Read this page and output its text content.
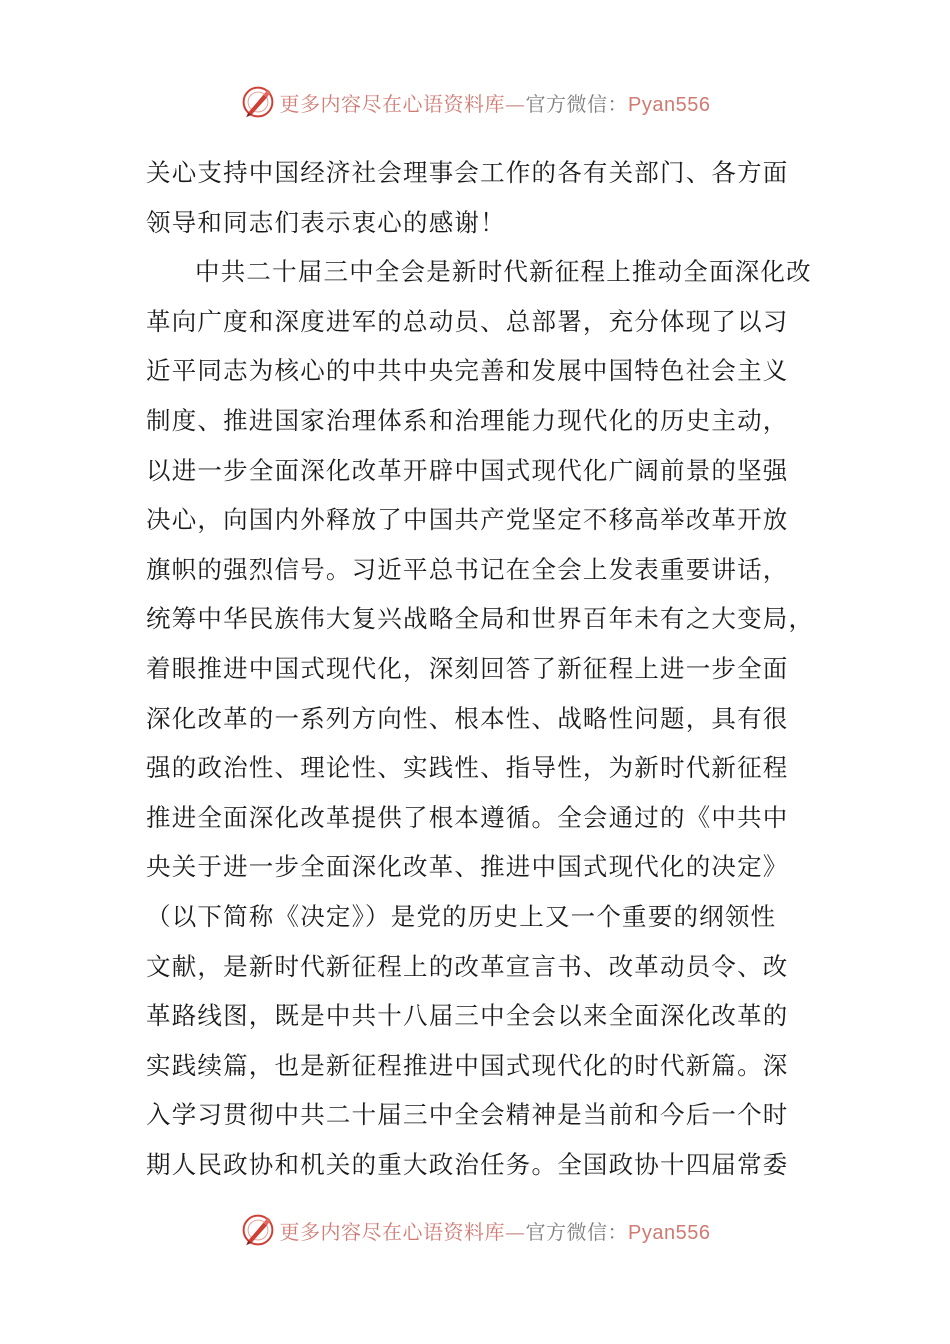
更多内容尽在心语资料库—官方微信：Pyan556
关心支持中国经济社会理事会工作的各有关部门、各方面
领导和同志们表示衷心的感谢！
中共二十届三中全会是新时代新征程上推动全面深化改
革向广度和深度进军的总动员、总部署，充分体现了以习
近平同志为核心的中共中央完善和发展中国特色社会主义
制度、推进国家治理体系和治理能力现代化的历史主动，
以进一步全面深化改革开辟中国式现代化广阔前景的坚强
决心，向国内外释放了中国共产党坚定不移高举改革开放
旗帜的强烈信号。习近平总书记在全会上发表重要讲话，
统筹中华民族伟大复兴战略全局和世界百年未有之大变局，
着眼推进中国式现代化，深刻回答了新征程上进一步全面
深化改革的一系列方向性、根本性、战略性问题，具有很
强的政治性、理论性、实践性、指导性，为新时代新征程
推进全面深化改革提供了根本遵循。全会通过的《中共中
央关于进一步全面深化改革、推进中国式现代化的决定》
（以下简称《决定》）是党的历史上又一个重要的纲领性
文献，是新时代新征程上的改革宣言书、改革动员令、改
革路线图，既是中共十八届三中全会以来全面深化改革的
实践续篇，也是新征程推进中国式现代化的时代新篇。深
入学习贯彻中共二十届三中全会精神是当前和今后一个时
期人民政协和机关的重大政治任务。全国政协十四届常委
更多内容尽在心语资料库—官方微信：Pyan556
